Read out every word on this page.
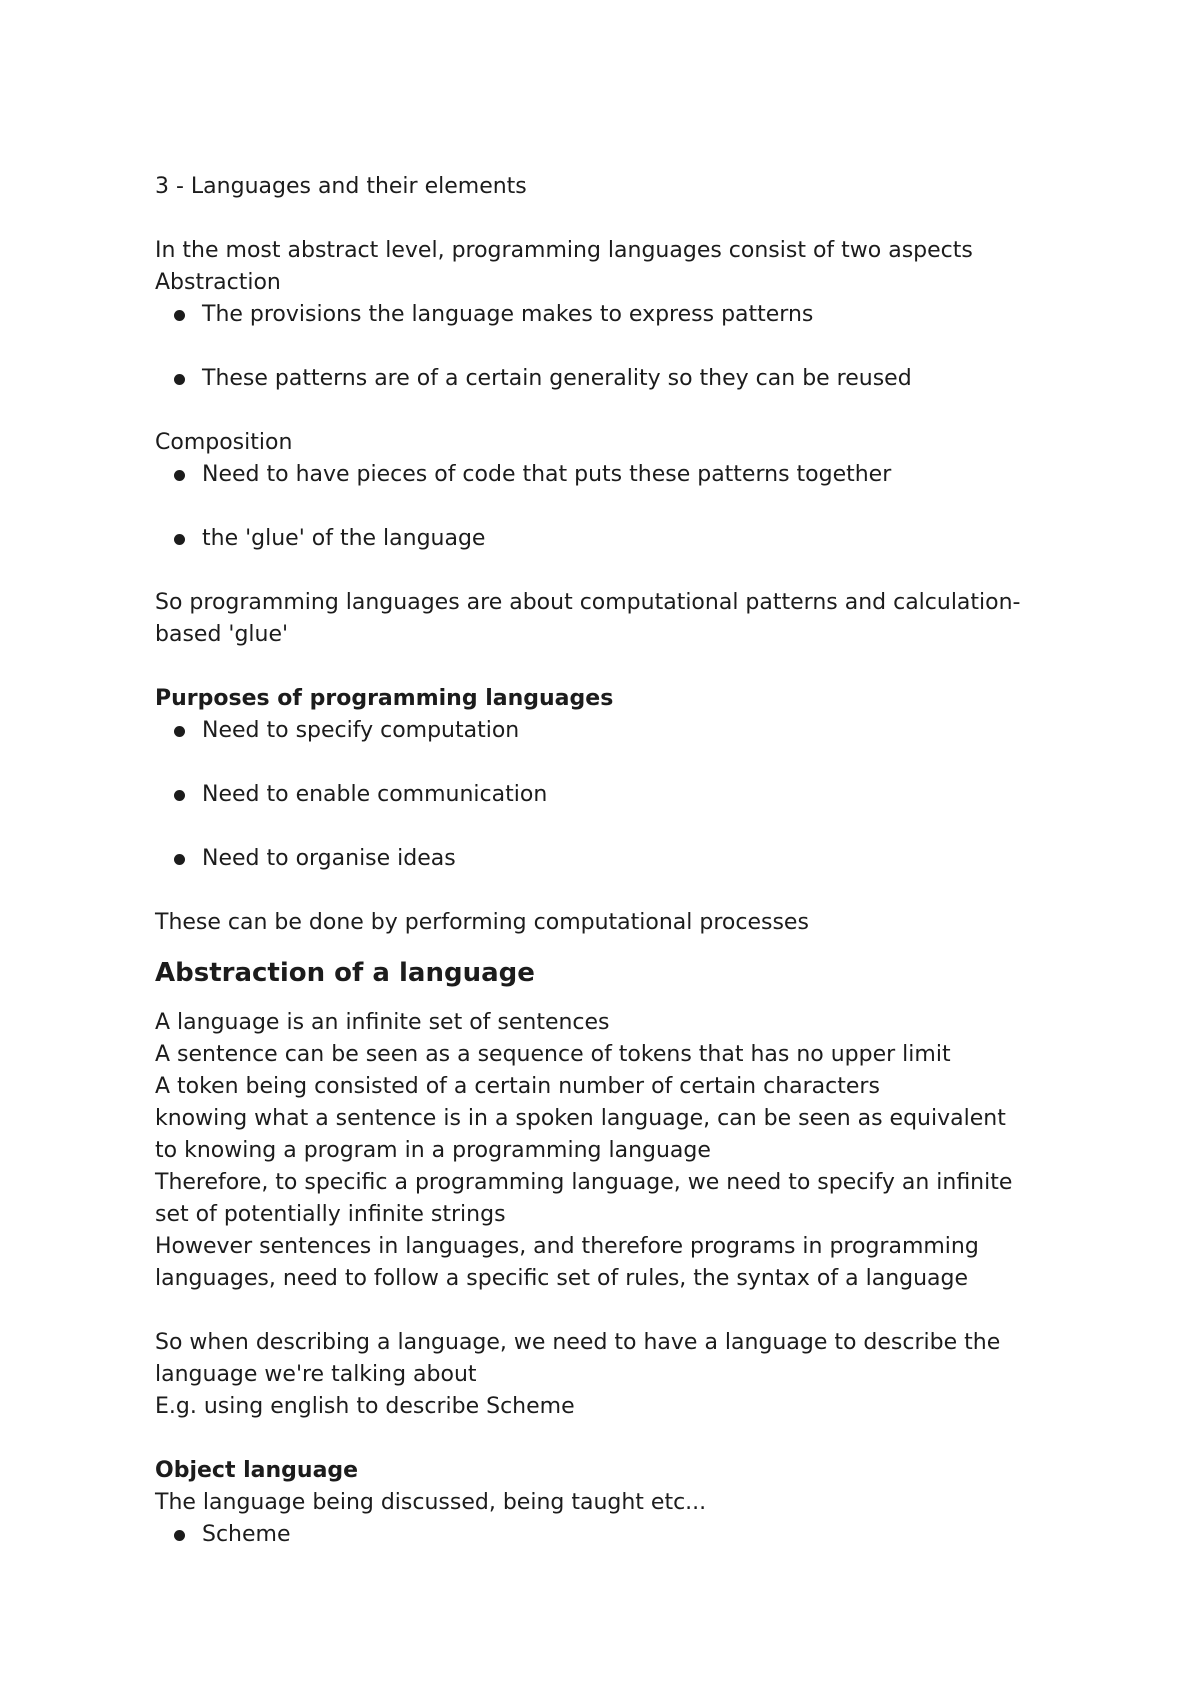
3 - Languages and their elements
In the most abstract level, programming languages consist of two aspects
Abstraction
The provisions the language makes to express patterns
These patterns are of a certain generality so they can be reused
Composition
Need to have pieces of code that puts these patterns together
the 'glue' of the language
So programming languages are about computational patterns and calculation-
based 'glue'
Purposes of programming languages
Need to specify computation
Need to enable communication
Need to organise ideas
These can be done by performing computational processes
Abstraction of a language
A language is an infinite set of sentences
A sentence can be seen as a sequence of tokens that has no upper limit
A token being consisted of a certain number of certain characters
knowing what a sentence is in a spoken language, can be seen as equivalent
to knowing a program in a programming language
Therefore, to specific a programming language, we need to specify an infinite
set of potentially infinite strings
However sentences in languages, and therefore programs in programming
languages, need to follow a specific set of rules, the syntax of a language
So when describing a language, we need to have a language to describe the
language we're talking about
E.g. using english to describe Scheme
Object language
The language being discussed, being taught etc...
Scheme
